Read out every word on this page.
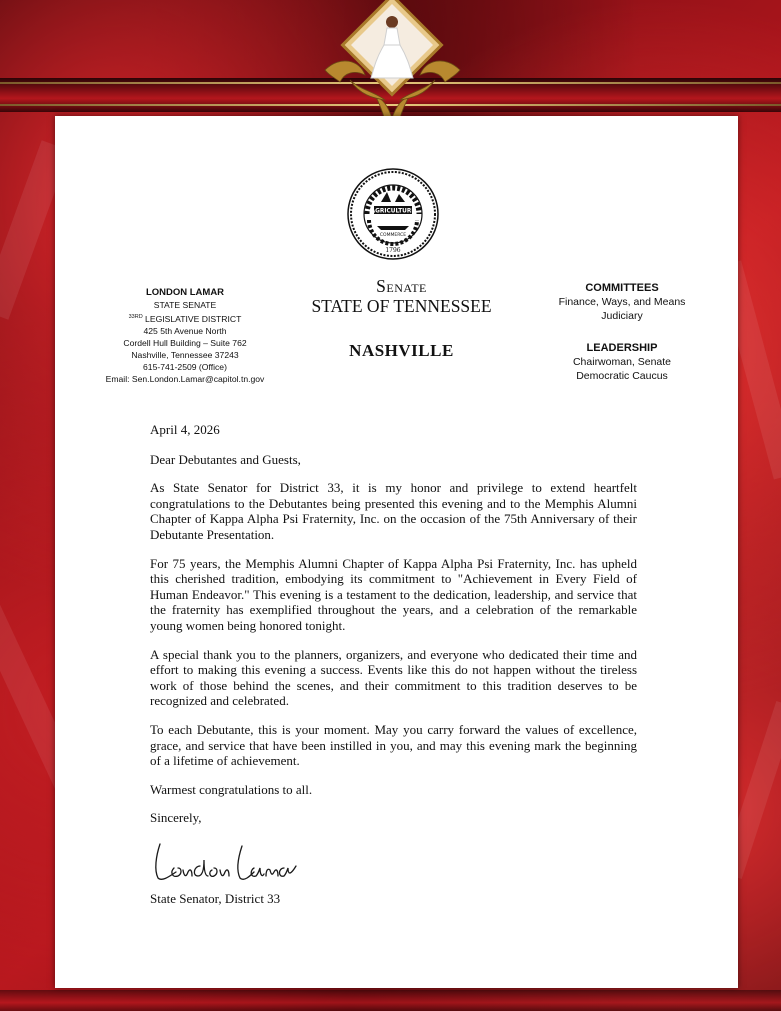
AGRICULTURE
COMMERCE
1796
LONDON LAMAR
STATE SENATE
$^{33RD}$ LEGISLATIVE DISTRICT
425 5th Avenue North
Cordell Hull Building – Suite 762
Nashville, Tennessee 37243
615-741-2509 (Office)
Email: Sen.London.Lamar@capitol.tn.gov
Senate
STATE OF TENNESSEE
NASHVILLE
COMMITTEES
Finance, Ways, and Means
Judiciary
LEADERSHIP
Chairwoman, Senate
Democratic Caucus

April 4, 2026

Dear Debutantes and Guests,

As State Senator for District 33, it is my honor and privilege to extend heartfelt congratulations to the Debutantes being presented this evening and to the Memphis Alumni Chapter of Kappa Alpha Psi Fraternity, Inc. on the occasion of the 75th Anniversary of their Debutante Presentation.

For 75 years, the Memphis Alumni Chapter of Kappa Alpha Psi Fraternity, Inc. has upheld this cherished tradition, embodying its commitment to "Achievement in Every Field of Human Endeavor." This evening is a testament to the dedication, leadership, and service that the fraternity has exemplified throughout the years, and a celebration of the remarkable young women being honored tonight.

A special thank you to the planners, organizers, and everyone who dedicated their time and effort to making this evening a success. Events like this do not happen without the tireless work of those behind the scenes, and their commitment to this tradition deserves to be recognized and celebrated.

To each Debutante, this is your moment. May you carry forward the values of excellence, grace, and service that have been instilled in you, and may this evening mark the beginning of a lifetime of achievement.

Warmest congratulations to all.

Sincerely,

State Senator, District 33
